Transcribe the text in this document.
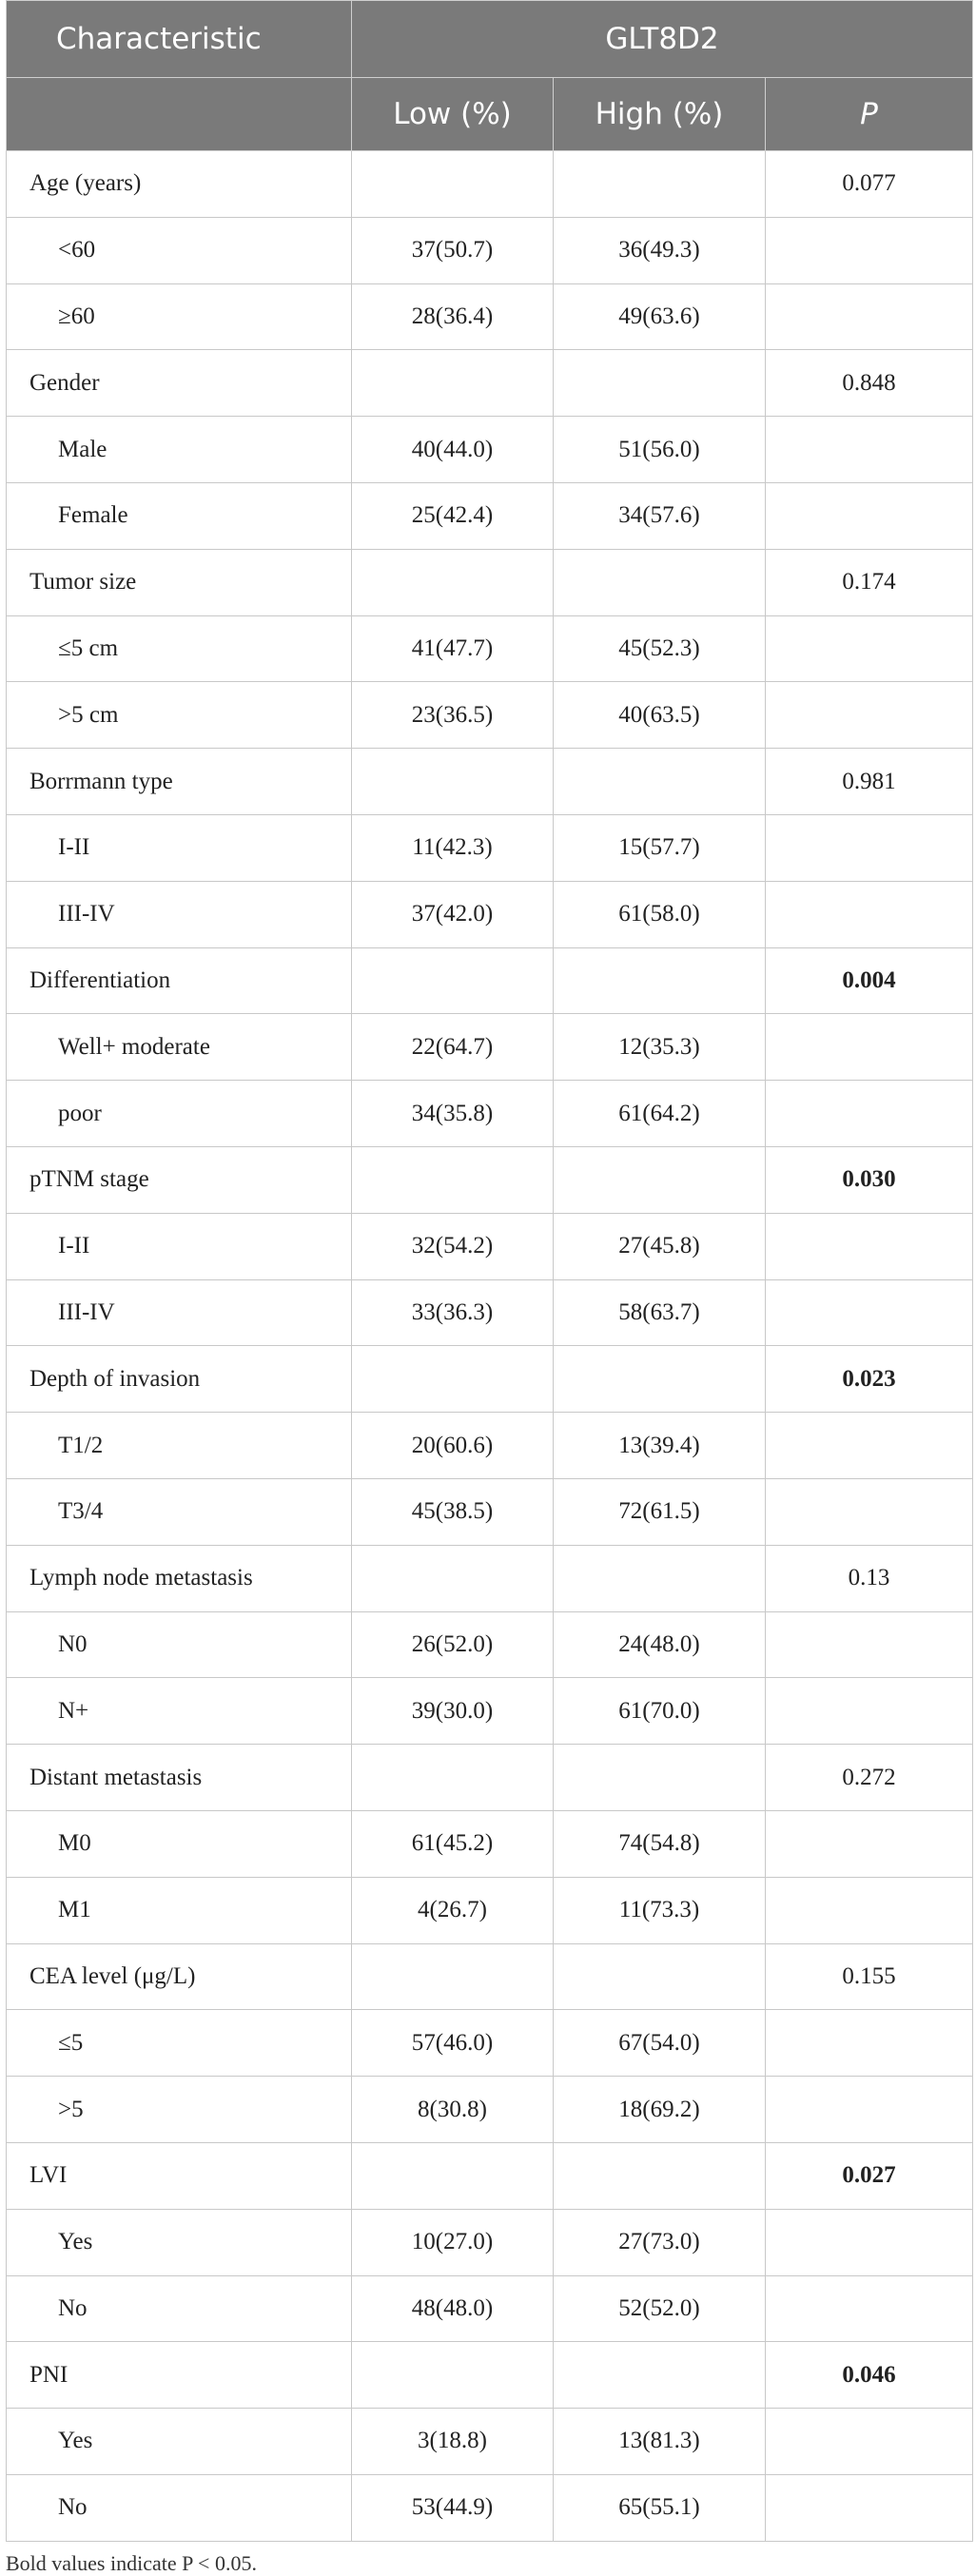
Characteristic	GLT8D2		
	Low (%)	High (%)	P
Age (years)			0.077
<60	37(50.7)	36(49.3)	
≥60	28(36.4)	49(63.6)	
Gender			0.848
Male	40(44.0)	51(56.0)	
Female	25(42.4)	34(57.6)	
Tumor size			0.174
≤5 cm	41(47.7)	45(52.3)	
>5 cm	23(36.5)	40(63.5)	
Borrmann type			0.981
I-II	11(42.3)	15(57.7)	
III-IV	37(42.0)	61(58.0)	
Differentiation			0.004
Well+ moderate	22(64.7)	12(35.3)	
poor	34(35.8)	61(64.2)	
pTNM stage			0.030
I-II	32(54.2)	27(45.8)	
III-IV	33(36.3)	58(63.7)	
Depth of invasion			0.023
T1/2	20(60.6)	13(39.4)	
T3/4	45(38.5)	72(61.5)	
Lymph node metastasis			0.13
N0	26(52.0)	24(48.0)	
N+	39(30.0)	61(70.0)	
Distant metastasis			0.272
M0	61(45.2)	74(54.8)	
M1	4(26.7)	11(73.3)	
CEA level (μg/L)			0.155
≤5	57(46.0)	67(54.0)	
>5	8(30.8)	18(69.2)	
LVI			0.027
Yes	10(27.0)	27(73.0)	
No	48(48.0)	52(52.0)	
PNI			0.046
Yes	3(18.8)	13(81.3)	
No	53(44.9)	65(55.1)	
Bold values indicate P < 0.05.
